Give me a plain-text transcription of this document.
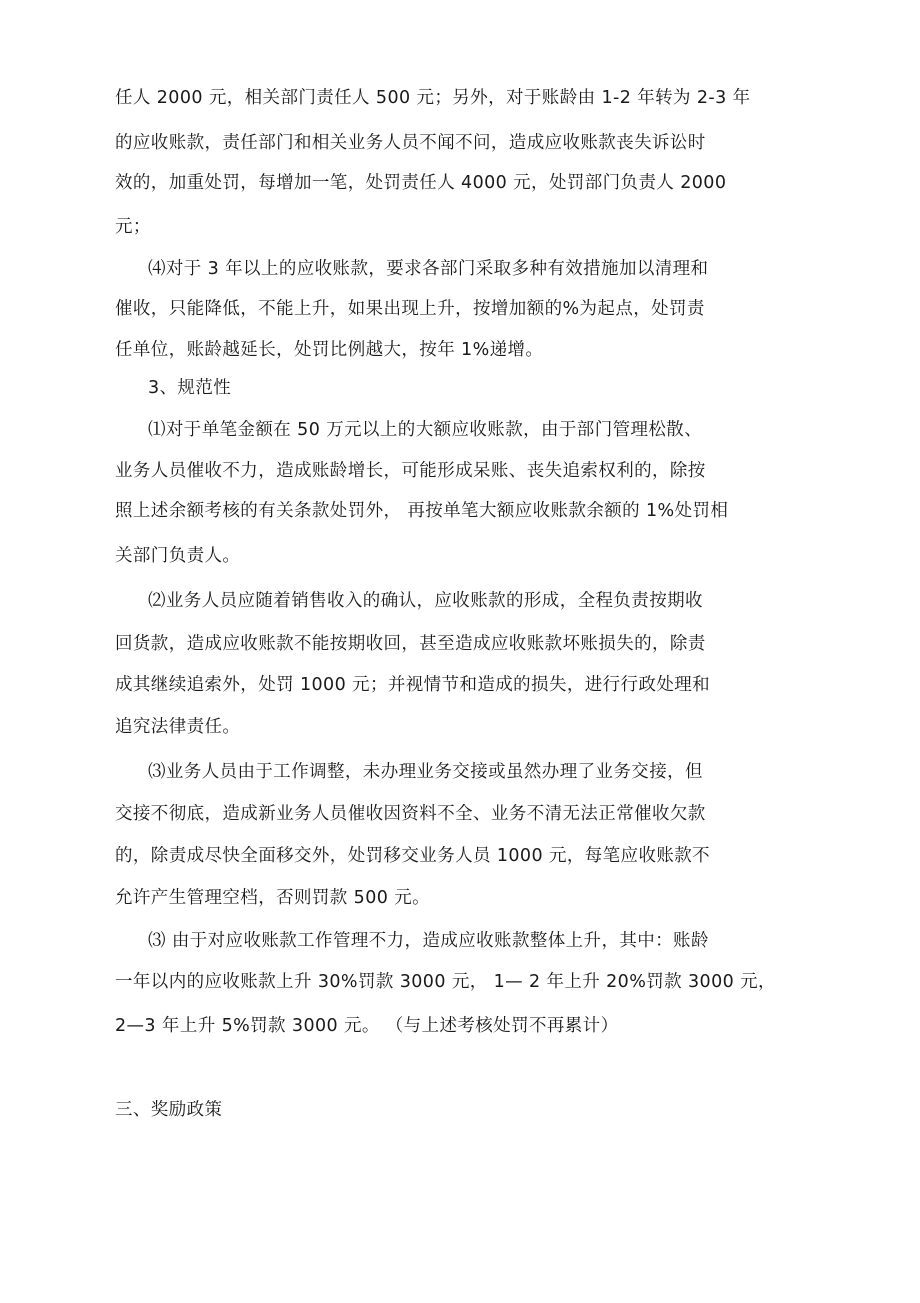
任人 2000 元，相关部门责任人 500 元；另外，对于账龄由 1-2 年转为 2-3 年
的应收账款，责任部门和相关业务人员不闻不问，造成应收账款丧失诉讼时
效的，加重处罚，每增加一笔，处罚责任人 4000 元，处罚部门负责人 2000
元；
⑷对于 3 年以上的应收账款，要求各部门采取多种有效措施加以清理和
催收，只能降低，不能上升，如果出现上升，按增加额的%为起点，处罚责
任单位，账龄越延长，处罚比例越大，按年 1%递增。
3、规范性
⑴对于单笔金额在 50 万元以上的大额应收账款，由于部门管理松散、
业务人员催收不力，造成账龄增长，可能形成呆账、丧失追索权利的，除按
照上述余额考核的有关条款处罚外， 再按单笔大额应收账款余额的 1%处罚相
关部门负责人。
⑵业务人员应随着销售收入的确认，应收账款的形成，全程负责按期收
回货款，造成应收账款不能按期收回，甚至造成应收账款坏账损失的，除责
成其继续追索外，处罚 1000 元；并视情节和造成的损失，进行行政处理和
追究法律责任。
⑶业务人员由于工作调整，未办理业务交接或虽然办理了业务交接，但
交接不彻底，造成新业务人员催收因资料不全、业务不清无法正常催收欠款
的，除责成尽快全面移交外，处罚移交业务人员 1000 元，每笔应收账款不
允许产生管理空档，否则罚款 500 元。
⑶ 由于对应收账款工作管理不力，造成应收账款整体上升，其中：账龄
一年以内的应收账款上升 30%罚款 3000 元， 1— 2 年上升 20%罚款 3000 元，
2—3 年上升 5%罚款 3000 元。 （与上述考核处罚不再累计）
三、奖励政策
